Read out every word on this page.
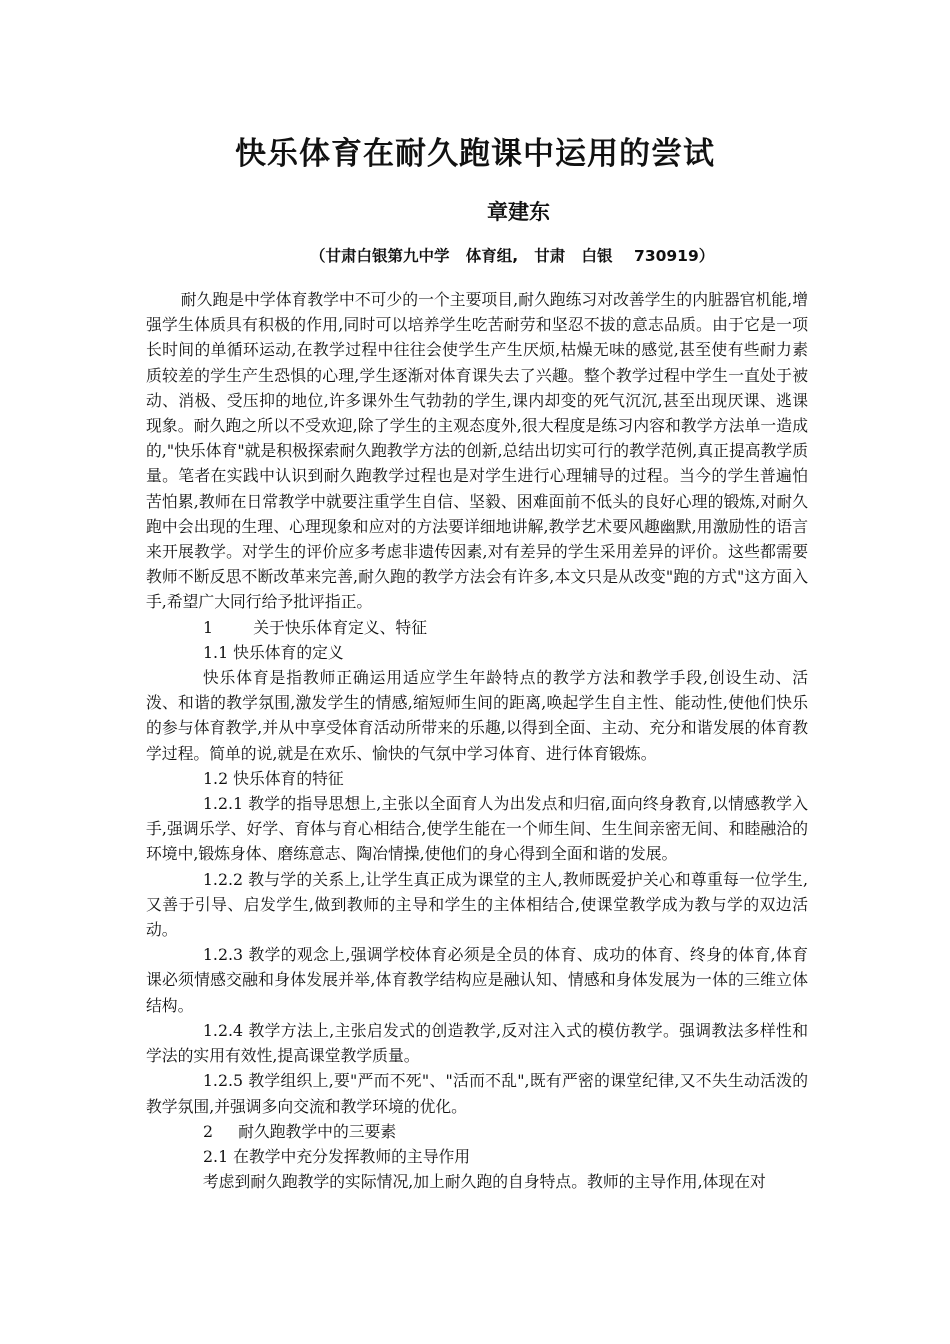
快乐体育在耐久跑课中运用的尝试
章建东
（甘肃白银第九中学   体育组,   甘肃   白银    730919）

耐久跑是中学体育教学中不可少的一个主要项目,耐久跑练习对改善学生的内脏器官机能,增强学生体质具有积极的作用,同时可以培养学生吃苦耐劳和坚忍不拔的意志品质。由于它是一项长时间的单循环运动,在教学过程中往往会使学生产生厌烦,枯燥无味的感觉,甚至使有些耐力素质较差的学生产生恐惧的心理,学生逐渐对体育课失去了兴趣。整个教学过程中学生一直处于被动、消极、受压抑的地位,许多课外生气勃勃的学生,课内却变的死气沉沉,甚至出现厌课、逃课现象。耐久跑之所以不受欢迎,除了学生的主观态度外,很大程度是练习内容和教学方法单一造成的,"快乐体育"就是积极探索耐久跑教学方法的创新,总结出切实可行的教学范例,真正提高教学质量。笔者在实践中认识到耐久跑教学过程也是对学生进行心理辅导的过程。当今的学生普遍怕苦怕累,教师在日常教学中就要注重学生自信、坚毅、困难面前不低头的良好心理的锻炼,对耐久跑中会出现的生理、心理现象和应对的方法要详细地讲解,教学艺术要风趣幽默,用激励性的语言来开展教学。对学生的评价应多考虑非遗传因素,对有差异的学生采用差异的评价。这些都需要教师不断反思不断改革来完善,耐久跑的教学方法会有许多,本文只是从改变"跑的方式"这方面入手,希望广大同行给予批评指正。

1        关于快乐体育定义、特征

1.1 快乐体育的定义

快乐体育是指教师正确运用适应学生年龄特点的教学方法和教学手段,创设生动、活泼、和谐的教学氛围,激发学生的情感,缩短师生间的距离,唤起学生自主性、能动性,使他们快乐的参与体育教学,并从中享受体育活动所带来的乐趣,以得到全面、主动、充分和谐发展的体育教学过程。简单的说,就是在欢乐、愉快的气氛中学习体育、进行体育锻炼。

1.2 快乐体育的特征

1.2.1 教学的指导思想上,主张以全面育人为出发点和归宿,面向终身教育,以情感教学入手,强调乐学、好学、育体与育心相结合,使学生能在一个师生间、生生间亲密无间、和睦融洽的环境中,锻炼身体、磨练意志、陶冶情操,使他们的身心得到全面和谐的发展。

1.2.2 教与学的关系上,让学生真正成为课堂的主人,教师既爱护关心和尊重每一位学生,又善于引导、启发学生,做到教师的主导和学生的主体相结合,使课堂教学成为教与学的双边活动。

1.2.3 教学的观念上,强调学校体育必须是全员的体育、成功的体育、终身的体育,体育课必须情感交融和身体发展并举,体育教学结构应是融认知、情感和身体发展为一体的三维立体结构。

1.2.4 教学方法上,主张启发式的创造教学,反对注入式的模仿教学。强调教法多样性和学法的实用有效性,提高课堂教学质量。

1.2.5 教学组织上,要"严而不死"、"活而不乱",既有严密的课堂纪律,又不失生动活泼的教学氛围,并强调多向交流和教学环境的优化。

2     耐久跑教学中的三要素

2.1 在教学中充分发挥教师的主导作用

考虑到耐久跑教学的实际情况,加上耐久跑的自身特点。教师的主导作用,体现在对
